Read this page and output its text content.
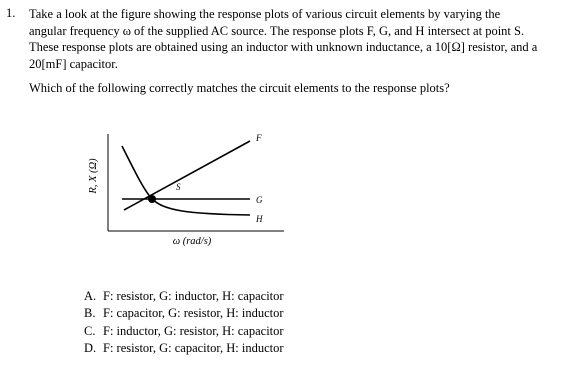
1. Take a look at the figure showing the response plots of various circuit elements by varying the

angular frequency ω of the supplied AC source. The response plots F, G, and H intersect at point S.

These response plots are obtained using an inductor with unknown inductance, a 10[Ω] resistor, and a

20[mF] capacitor.

Which of the following correctly matches the circuit elements to the response plots?
R, X (Ω)
ω (rad/s)
S
F
G
H
A. F: resistor, G: inductor, H: capacitor
B. F: capacitor, G: resistor, H: inductor
C. F: inductor, G: resistor, H: capacitor
D. F: resistor, G: capacitor, H: inductor
